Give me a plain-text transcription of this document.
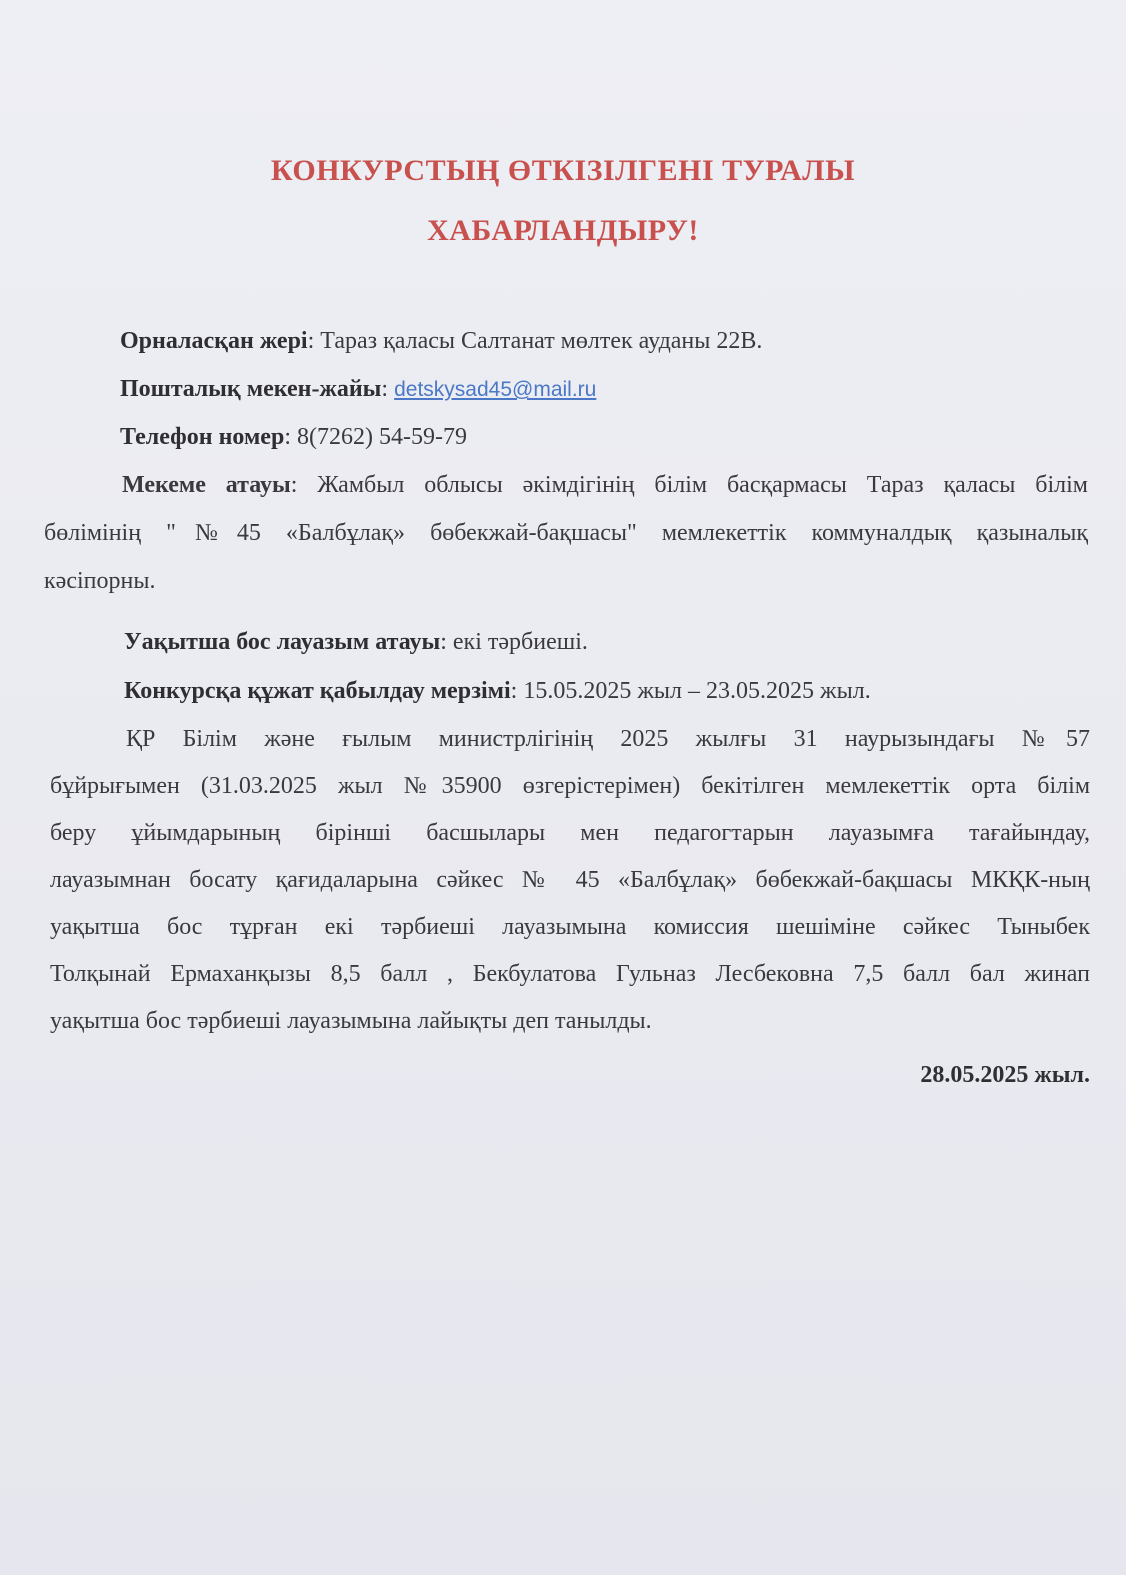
КОНКУРСТЫҢ ӨТКІЗІЛГЕНІ ТУРАЛЫ
ХАБАРЛАНДЫРУ!
Орналасқан жері: Тараз қаласы Салтанат мөлтек ауданы 22В.
Поштaлық мекен-жайы: detskysad45@mail.ru
Телефон номер: 8(7262) 54-59-79
Мекеме атауы: Жамбыл облысы әкімдігінің білім басқармасы Тараз қаласы білім
бөлімінің "№45 «Балбұлақ» бөбекжай-бақшасы" мемлекеттік коммуналдық қазыналық
кәсіпорны.
Уақытша бос лауазым атауы: екі тәрбиеші.
Конкурсқа құжат қабылдау мерзімі: 15.05.2025 жыл – 23.05.2025 жыл.
ҚР Білім және ғылым министрлігінің 2025 жылғы 31 наурызындағы №57
бұйрығымен (31.03.2025 жыл №35900 өзгерістерімен) бекітілген мемлекеттік орта білім
беру ұйымдарының бірінші басшылары мен педагогтарын лауазымға тағайындау,
лауазымнан босату қағидаларына сәйкес № 45 «Балбұлақ» бөбекжай-бақшасы МКҚК-ның
уақытша бос тұрған екі тәрбиеші лауазымына комиссия шешіміне сәйкес Тыныбек
Толқынай Ермаханқызы 8,5 балл , Бекбулатова Гульназ Лесбековна 7,5 балл бал жинап
уақытша бос тәрбиеші лауазымына лайықты деп танылды.
28.05.2025 жыл.
